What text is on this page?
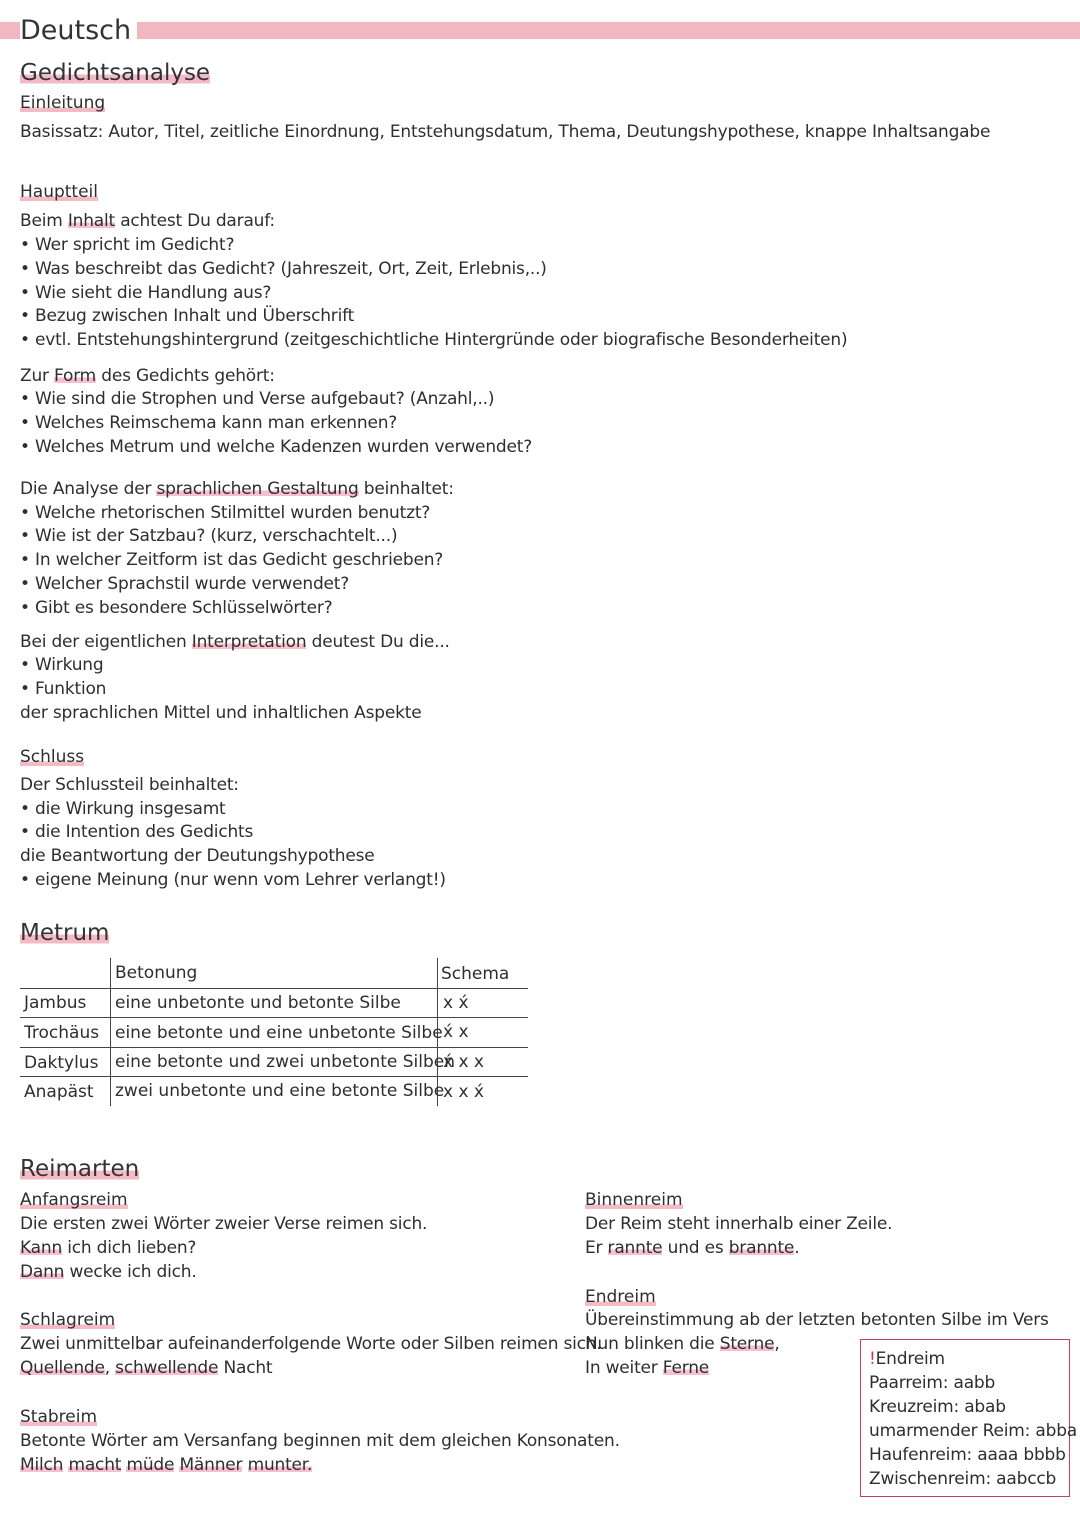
Deutsch
Gedichtsanalyse
Einleitung
Basissatz: Autor, Titel, zeitliche Einordnung, Entstehungsdatum, Thema, Deutungshypothese, knappe Inhaltsangabe
Hauptteil
Beim Inhalt achtest Du darauf:
• Wer spricht im Gedicht?
• Was beschreibt das Gedicht? (Jahreszeit, Ort, Zeit, Erlebnis,..)
• Wie sieht die Handlung aus?
• Bezug zwischen Inhalt und Überschrift
• evtl. Entstehungshintergrund (zeitgeschichtliche Hintergründe oder biografische Besonderheiten)
Zur Form des Gedichts gehört:
• Wie sind die Strophen und Verse aufgebaut? (Anzahl,..)
• Welches Reimschema kann man erkennen?
• Welches Metrum und welche Kadenzen wurden verwendet?
Die Analyse der sprachlichen Gestaltung beinhaltet:
• Welche rhetorischen Stilmittel wurden benutzt?
• Wie ist der Satzbau? (kurz, verschachtelt...)
• In welcher Zeitform ist das Gedicht geschrieben?
• Welcher Sprachstil wurde verwendet?
• Gibt es besondere Schlüsselwörter?
Bei der eigentlichen Interpretation deutest Du die...
• Wirkung
• Funktion
der sprachlichen Mittel und inhaltlichen Aspekte
Schluss
Der Schlussteil beinhaltet:
• die Wirkung insgesamt
• die Intention des Gedichts
die Beantwortung der Deutungshypothese
• eigene Meinung (nur wenn vom Lehrer verlangt!)
Metrum
Betonung	Schema
Jambus eine unbetonte und betonte Silbe x x́
Trochäus eine betonte und eine unbetonte Silbe x́ x
Daktylus eine betonte und zwei unbetonte Silben
x́ x x
Anapäst zwei unbetonte und eine betonte Silbe
x x x́
Reimarten
Anfangsreim
Die ersten zwei Wörter zweier Verse reimen sich.
Kann ich dich lieben?
Dann wecke ich dich.
Schlagreim
Zwei unmittelbar aufeinanderfolgende Worte oder Silben reimen sich.
Quellende, schwellende Nacht
Stabreim
Betonte Wörter am Versanfang beginnen mit dem gleichen Konsonaten.
Milch macht müde Männer munter.
Binnenreim
Der Reim steht innerhalb einer Zeile.
Er rannte und es brannte.
Endreim
Übereinstimmung ab der letzten betonten Silbe im Vers
Nun blinken die Sterne,
In weiter Ferne	!Endreim
Paarreim: aabb
Kreuzreim: abab
umarmender Reim: abba
Haufenreim: aaaa bbbb
Zwischenreim: aabccb
